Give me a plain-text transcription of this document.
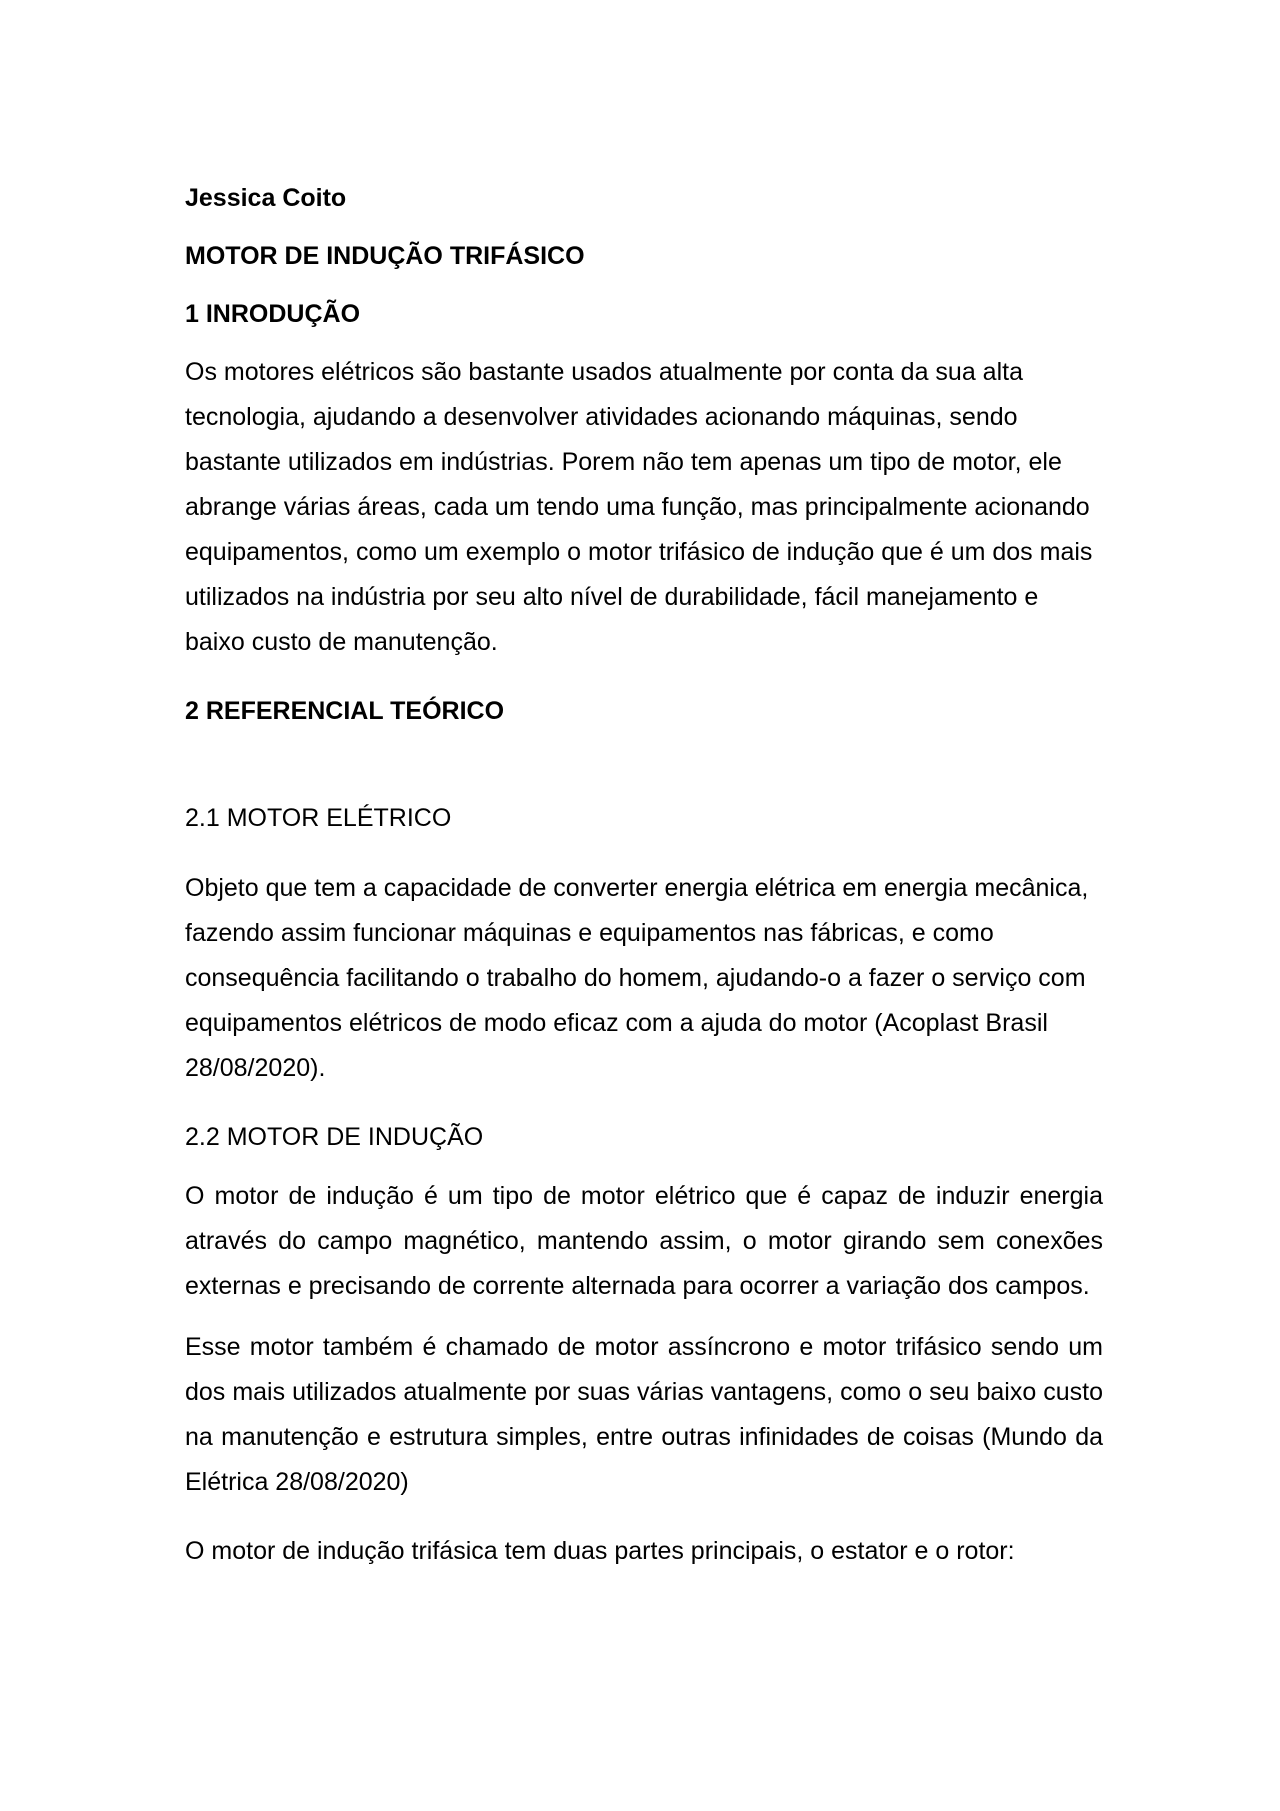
Jessica Coito

MOTOR DE INDUÇÃO TRIFÁSICO

1 INRODUÇÃO

Os motores elétricos são bastante usados atualmente por conta da sua alta tecnologia, ajudando a desenvolver atividades acionando máquinas, sendo bastante utilizados em indústrias. Porem não tem apenas um tipo de motor, ele abrange várias áreas, cada um tendo uma função, mas principalmente acionando equipamentos, como um exemplo o motor trifásico de indução que é um dos mais utilizados na indústria por seu alto nível de durabilidade, fácil manejamento e baixo custo de manutenção.

2 REFERENCIAL TEÓRICO

2.1 MOTOR ELÉTRICO

Objeto que tem a capacidade de converter energia elétrica em energia mecânica, fazendo assim funcionar máquinas e equipamentos nas fábricas, e como consequência facilitando o trabalho do homem, ajudando-o a fazer o serviço com equipamentos elétricos de modo eficaz com a ajuda do motor (Acoplast Brasil 28/08/2020).

2.2 MOTOR DE INDUÇÃO

O motor de indução é um tipo de motor elétrico que é capaz de induzir energia através do campo magnético, mantendo assim, o motor girando sem conexões externas e precisando de corrente alternada para ocorrer a variação dos campos.

Esse motor também é chamado de motor assíncrono e motor trifásico sendo um dos mais utilizados atualmente por suas várias vantagens, como o seu baixo custo na manutenção e estrutura simples, entre outras infinidades de coisas (Mundo da Elétrica 28/08/2020)

O motor de indução trifásica tem duas partes principais, o estator e o rotor:
